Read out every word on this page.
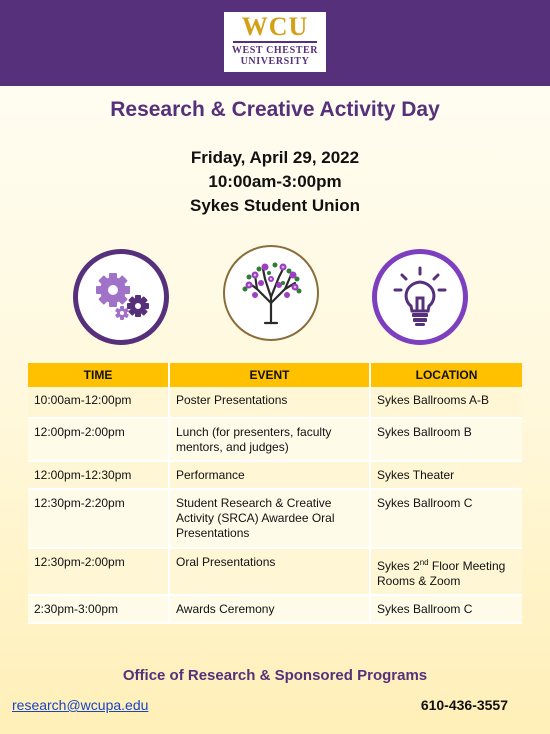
WCU
WEST CHESTER
UNIVERSITY
Research & Creative Activity Day
Friday, April 29, 2022
10:00am-3:00pm
Sykes Student Union
TIME	EVENT	LOCATION
10:00am-12:00pm	Poster Presentations	Sykes Ballrooms A-B
12:00pm-2:00pm	Lunch (for presenters, faculty mentors, and judges)	Sykes Ballroom B
12:00pm-12:30pm	Performance	Sykes Theater
12:30pm-2:20pm	Student Research & Creative Activity (SRCA) Awardee Oral Presentations	Sykes Ballroom C
12:30pm-2:00pm	Oral Presentations	Sykes 2nd Floor Meeting Rooms & Zoom
2:30pm-3:00pm	Awards Ceremony	Sykes Ballroom C
Office of Research & Sponsored Programs
research@wcupa.edu	610-436-3557
